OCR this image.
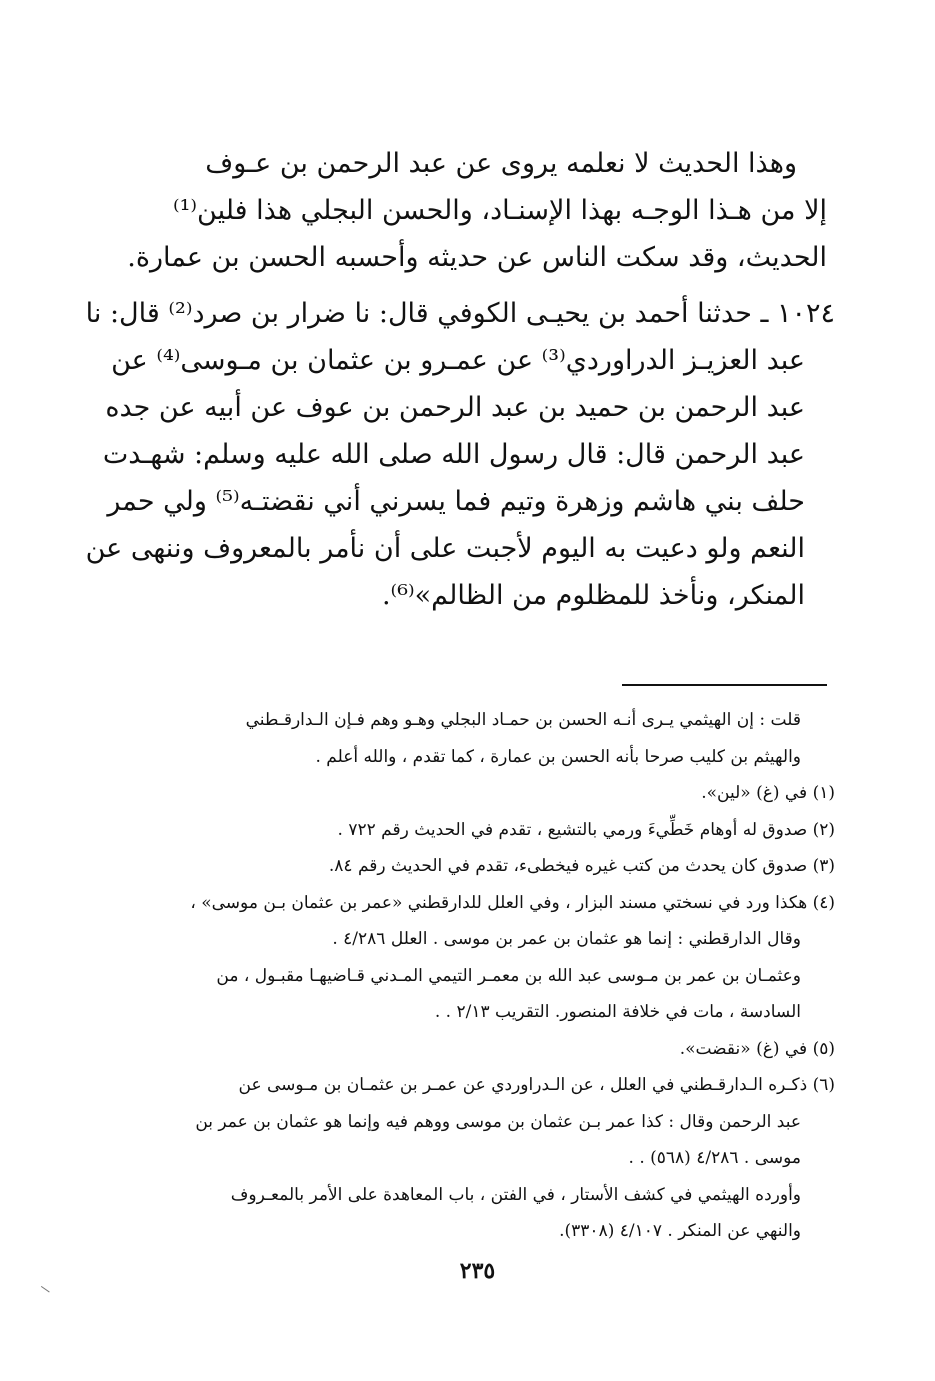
وهذا الحديث لا نعلمه يروى عن عبد الرحمن بن عـوف
إلا من هـذا الوجـه بهذا الإسنـاد، والحسن البجلي هذا فلين⁽¹⁾
الحديث، وقد سكت الناس عن حديثه وأحسبه الحسن بن عمارة.
١٠٢٤ ـ حدثنا أحمد بن يحيـى الكوفي قال: نا ضرار بن صرد⁽²⁾ قال: نا
عبد العزيـز الدراوردي⁽³⁾ عن عمـرو بن عثمان بن مـوسى⁽⁴⁾ عن
عبد الرحمن بن حميد بن عبد الرحمن بن عوف عن أبيه عن جده
عبد الرحمن قال: قال رسول الله صلى الله عليه وسلم: شهـدت
حلف بني هاشم وزهرة وتيم فما يسرني أني نقضتـه⁽⁵⁾ ولي حمر
النعم ولو دعيت به اليوم لأجبت على أن نأمر بالمعروف وننهى عن
المنكر، ونأخذ للمظلوم من الظالم»⁽⁶⁾.
قلت : إن الهيثمي يـرى أنـه الحسن بن حمـاد البجلي وهـو وهم فـإن الـدارقـطني
والهيثم بن كليب صرحا بأنه الحسن بن عمارة ، كما تقدم ، والله أعلم .
(١) في (غ) «لين».
(٢) صدوق له أوهام خَطِّيءَ ورمي بالتشيع ، تقدم في الحديث رقم ٧٢٢ .
(٣) صدوق كان يحدث من كتب غيره فيخطىء، تقدم في الحديث رقم ٨٤.
(٤) هكذا ورد في نسختي مسند البزار ، وفي العلل للدارقطني «عمر بن عثمان بـن موسى» ،
وقال الدارقطني : إنما هو عثمان بن عمر بن موسى . العلل ٤/٢٨٦ .
وعثمـان بن عمر بن مـوسى عبد الله بن معمـر التيمي المـدني قـاضيهـا مقبـول ، من
السادسة ، مات في خلافة المنصور. التقريب ٢/١٣ . .
(٥) في (غ) «نقضت».
(٦) ذكـره الـدارقـطني في العلل ، عن الـدراوردي عن عمـر بن عثمـان بن مـوسى عن
عبد الرحمن وقال : كذا عمر بـن عثمان بن موسى ووهم فيه وإنما هو عثمان بن عمر بن
موسى . ٤/٢٨٦ (٥٦٨) . .
وأورده الهيثمي في كشف الأستار ، في الفتن ، باب المعاهدة على الأمر بالمعـروف
والنهي عن المنكر . ٤/١٠٧ (٣٣٠٨).
٢٣٥
